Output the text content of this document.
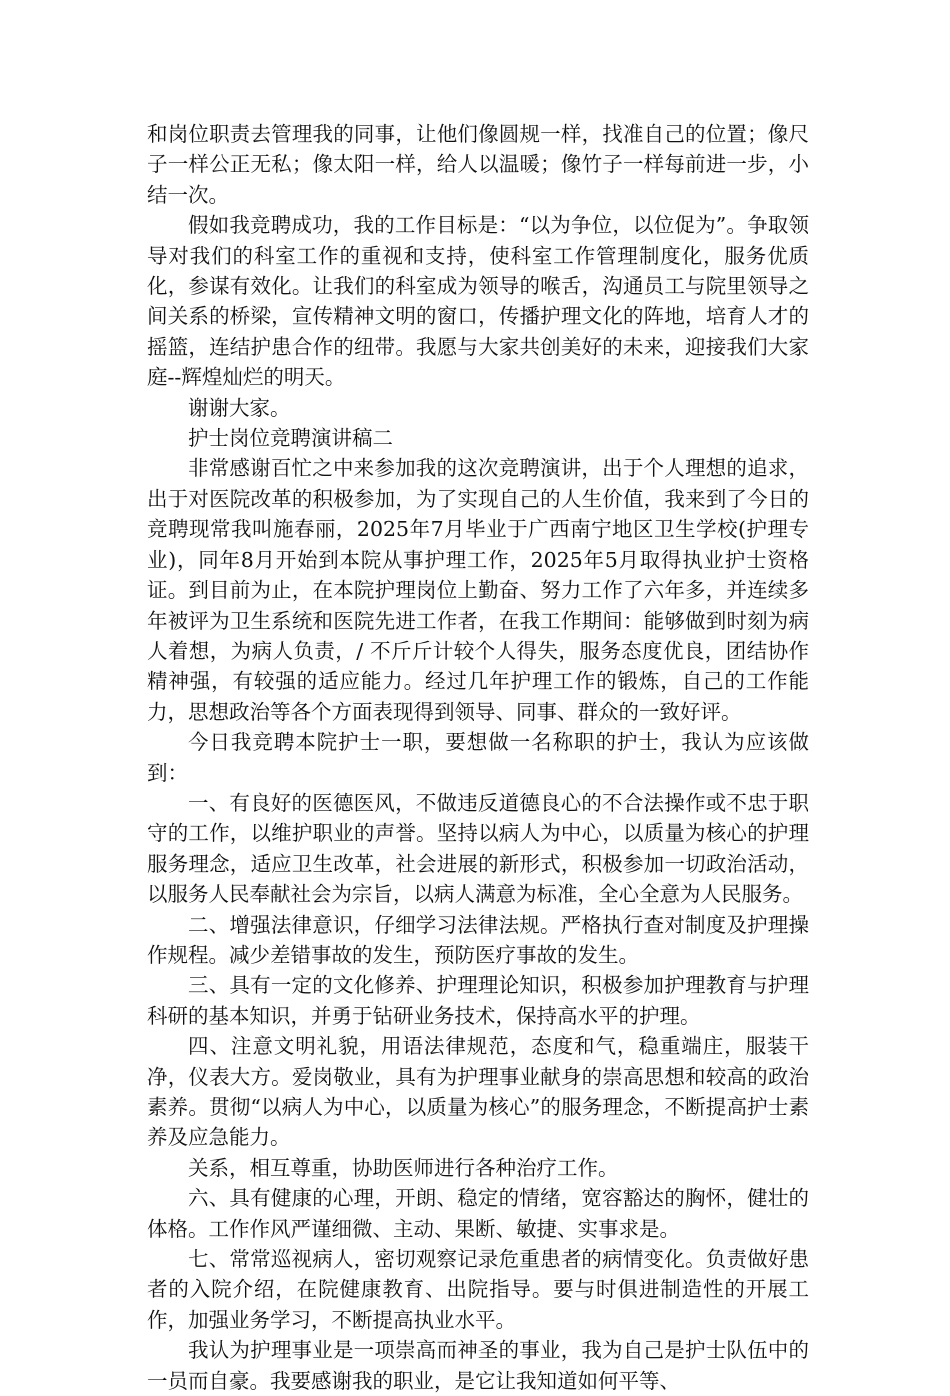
和岗位职责去管理我的同事，让他们像圆规一样，找准自己的位置；像尺子一样公正无私；像太阳一样，给人以温暖；像竹子一样每前进一步，小结一次。

假如我竞聘成功，我的工作目标是：“以为争位，以位促为”。争取领导对我们的科室工作的重视和支持，使科室工作管理制度化，服务优质化，参谋有效化。让我们的科室成为领导的喉舌，沟通员工与院里领导之间关系的桥梁，宣传精神文明的窗口，传播护理文化的阵地，培育人才的摇篮，连结护患合作的纽带。我愿与大家共创美好的未来，迎接我们大家庭--辉煌灿烂的明天。

谢谢大家。

护士岗位竞聘演讲稿二

非常感谢百忙之中来参加我的这次竞聘演讲，出于个人理想的追求，出于对医院改革的积极参加，为了实现自己的人生价值，我来到了今日的竞聘现常我叫施春丽，2025年7月毕业于广西南宁地区卫生学校(护理专业)，同年8月开始到本院从事护理工作，2025年5月取得执业护士资格证。到目前为止，在本院护理岗位上勤奋、努力工作了六年多，并连续多年被评为卫生系统和医院先进工作者，在我工作期间：能够做到时刻为病人着想，为病人负责，/ 不斤斤计较个人得失，服务态度优良，团结协作精神强，有较强的适应能力。经过几年护理工作的锻炼，自己的工作能力，思想政治等各个方面表现得到领导、同事、群众的一致好评。

今日我竞聘本院护士一职，要想做一名称职的护士，我认为应该做到：

一、有良好的医德医风，不做违反道德良心的不合法操作或不忠于职守的工作，以维护职业的声誉。坚持以病人为中心，以质量为核心的护理服务理念，适应卫生改革，社会进展的新形式，积极参加一切政治活动，以服务人民奉献社会为宗旨，以病人满意为标准，全心全意为人民服务。

二、增强法律意识，仔细学习法律法规。严格执行查对制度及护理操作规程。减少差错事故的发生，预防医疗事故的发生。

三、具有一定的文化修养、护理理论知识，积极参加护理教育与护理科研的基本知识，并勇于钻研业务技术，保持高水平的护理。

四、注意文明礼貌，用语法律规范，态度和气，稳重端庄，服装干净，仪表大方。爱岗敬业，具有为护理事业献身的崇高思想和较高的政治素养。贯彻“以病人为中心，以质量为核心”的服务理念，不断提高护士素养及应急能力。

关系，相互尊重，协助医师进行各种治疗工作。

六、具有健康的心理，开朗、稳定的情绪，宽容豁达的胸怀，健壮的体格。工作作风严谨细微、主动、果断、敏捷、实事求是。

七、常常巡视病人，密切观察记录危重患者的病情变化。负责做好患者的入院介绍，在院健康教育、出院指导。要与时俱进制造性的开展工作，加强业务学习，不断提高执业水平。

我认为护理事业是一项崇高而神圣的事业，我为自己是护士队伍中的一员而自豪。我要感谢我的职业，是它让我知道如何平等、
